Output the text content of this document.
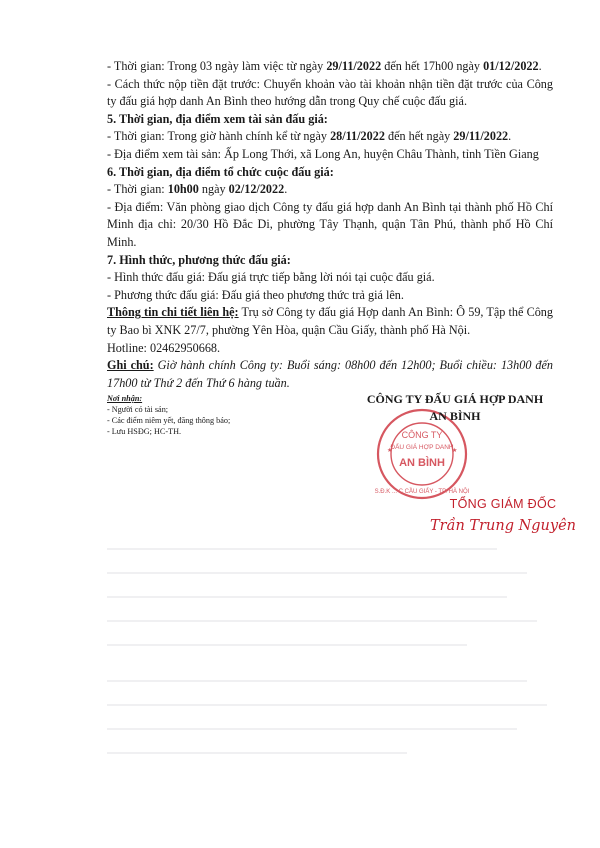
- Thời gian: Trong 03 ngày làm việc từ ngày 29/11/2022 đến hết 17h00 ngày 01/12/2022.

- Cách thức nộp tiền đặt trước: Chuyển khoản vào tài khoản nhận tiền đặt trước của Công ty đấu giá hợp danh An Bình theo hướng dẫn trong Quy chế cuộc đấu giá.

5. Thời gian, địa điểm xem tài sản đấu giá:

- Thời gian: Trong giờ hành chính kể từ ngày 28/11/2022 đến hết ngày 29/11/2022.

- Địa điểm xem tài sản: Ấp Long Thới, xã Long An, huyện Châu Thành, tỉnh Tiền Giang

6. Thời gian, địa điểm tổ chức cuộc đấu giá:

- Thời gian: 10h00 ngày 02/12/2022.

- Địa điểm: Văn phòng giao dịch Công ty đấu giá hợp danh An Bình tại thành phố Hồ Chí Minh địa chỉ: 20/30 Hồ Đắc Di, phường Tây Thạnh, quận Tân Phú, thành phố Hồ Chí Minh.

7. Hình thức, phương thức đấu giá:

- Hình thức đấu giá: Đấu giá trực tiếp bằng lời nói tại cuộc đấu giá.

- Phương thức đấu giá: Đấu giá theo phương thức trả giá lên.

Thông tin chi tiết liên hệ: Trụ sở Công ty đấu giá Hợp danh An Bình: Ô 59, Tập thể Công ty Bao bì XNK 27/7, phường Yên Hòa, quận Cầu Giấy, thành phố Hà Nội.

Hotline: 02462950668.

Ghi chú: Giờ hành chính Công ty: Buổi sáng: 08h00 đến 12h00; Buổi chiều: 13h00 đến 17h00 từ Thứ 2 đến Thứ 6 hàng tuần.

Nơi nhận:
- Người có tài sản;
- Các điểm niêm yết, đăng thông báo;
- Lưu HSĐG; HC-TH.	CÔNG TY
ĐẤU GIÁ HỢP DANH
AN BÌNH
S.Đ.K ... C CẦU GIẤY - TP. HÀ NỘI
★	★
CÔNG TY ĐẤU GIÁ HỢP DANH
AN BÌNH
TỔNG GIÁM ĐỐC
Trần Trung Nguyên
